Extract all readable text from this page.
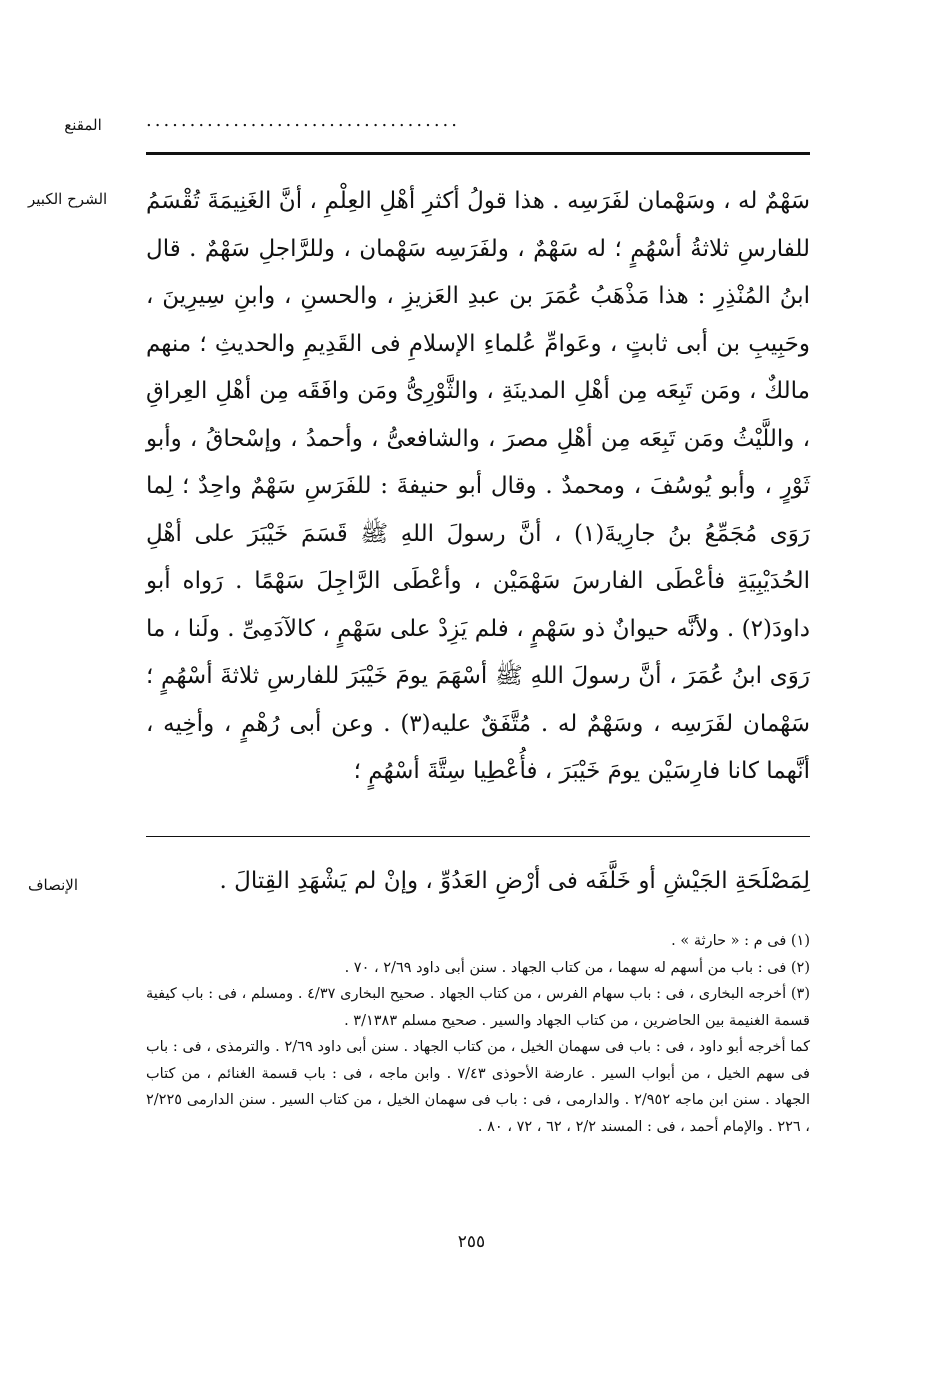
....................................
المقنع
الشرح الكبير	سَهْمٌ له ، وسَهْمان لفَرَسِه . هذا قولُ أكثرِ أهْلِ العِلْمِ ، أنَّ الغَنِيمَةَ تُقْسَمُ للفارسِ ثلاثةُ أسْهُمٍ ؛ له سَهْمٌ ، ولفَرَسِه سَهْمان ، وللرَّاجلِ سَهْمٌ . قال ابنُ المُنْذِرِ : هذا مَذْهَبُ عُمَرَ بن عبدِ العَزيزِ ، والحسنِ ، وابنِ سِيرِينَ ، وحَبِيبِ بن أبى ثابتٍ ، وعَوامِّ عُلماءِ الإسلامِ فى القَدِيمِ والحديثِ ؛ منهم مالكٌ ، ومَن تَبِعَه مِن أهْلِ المدينَةِ ، والثَّوْرِىُّ ومَن وافَقَه مِن أهْلِ العِراقِ ، واللَّيْثُ ومَن تَبِعَه مِن أهْلِ مصرَ ، والشافعىُّ ، وأحمدُ ، وإسْحاقُ ، وأبو ثَوْرٍ ، وأبو يُوسُفَ ، ومحمدٌ . وقال أبو حنيفةَ : للفَرَسِ سَهْمٌ واحِدٌ ؛ لِما رَوَى مُجَمِّعُ بنُ جارِيةَ(١) ، أنَّ رسولَ اللهِ ﷺ قَسَمَ خَيْبَرَ على أهْلِ الحُدَيْبِيَةِ فأعْطَى الفارسَ سَهْمَيْن ، وأعْطَى الرَّاجِلَ سَهْمًا . رَواه أبو داودَ(٢) . ولأنَّه حيوانٌ ذو سَهْمٍ ، فلم يَزِدْ على سَهْمٍ ، كالآدَمِىِّ . ولَنا ، ما رَوَى ابنُ عُمَرَ ، أنَّ رسولَ اللهِ ﷺ أسْهَمَ يومَ خَيْبَرَ للفارسِ ثلاثةَ أسْهُمٍ ؛ سَهْمان لفَرَسِه ، وسَهْمٌ له . مُتَّفَقٌ عليه(٣) . وعن أبى رُهْمٍ ، وأخِيه ، أنَّهما كانا فارِسَيْن يومَ خَيْبَرَ ، فأُعْطِيا سِتَّةَ أسْهُمٍ ؛

الإنصاف	لِمَصْلَحَةِ الجَيْشِ أو خَلَّفَه فى أرْضِ العَدُوِّ ، وإنْ لم يَشْهَدِ القِتالَ .

(١) فى م : « حارثة » .

(٢) فى : باب من أسهم له سهما ، من كتاب الجهاد . سنن أبى داود ٢/٦٩ ، ٧٠ .

(٣) أخرجه البخارى ، فى : باب سهام الفرس ، من كتاب الجهاد . صحيح البخارى ٤/٣٧ . ومسلم ، فى : باب كيفية قسمة الغنيمة بين الحاضرين ، من كتاب الجهاد والسير . صحيح مسلم ٣/١٣٨٣ .

كما أخرجه أبو داود ، فى : باب فى سهمان الخيل ، من كتاب الجهاد . سنن أبى داود ٢/٦٩ . والترمذى ، فى : باب فى سهم الخيل ، من أبواب السير . عارضة الأحوذى ٧/٤٣ . وابن ماجه ، فى : باب قسمة الغنائم ، من كتاب الجهاد . سنن ابن ماجه ٢/٩٥٢ . والدارمى ، فى : باب فى سهمان الخيل ، من كتاب السير . سنن الدارمى ٢/٢٢٥ ، ٢٢٦ . والإمام أحمد ، فى : المسند ٢/٢ ، ٦٢ ، ٧٢ ، ٨٠ .

٢٥٥
